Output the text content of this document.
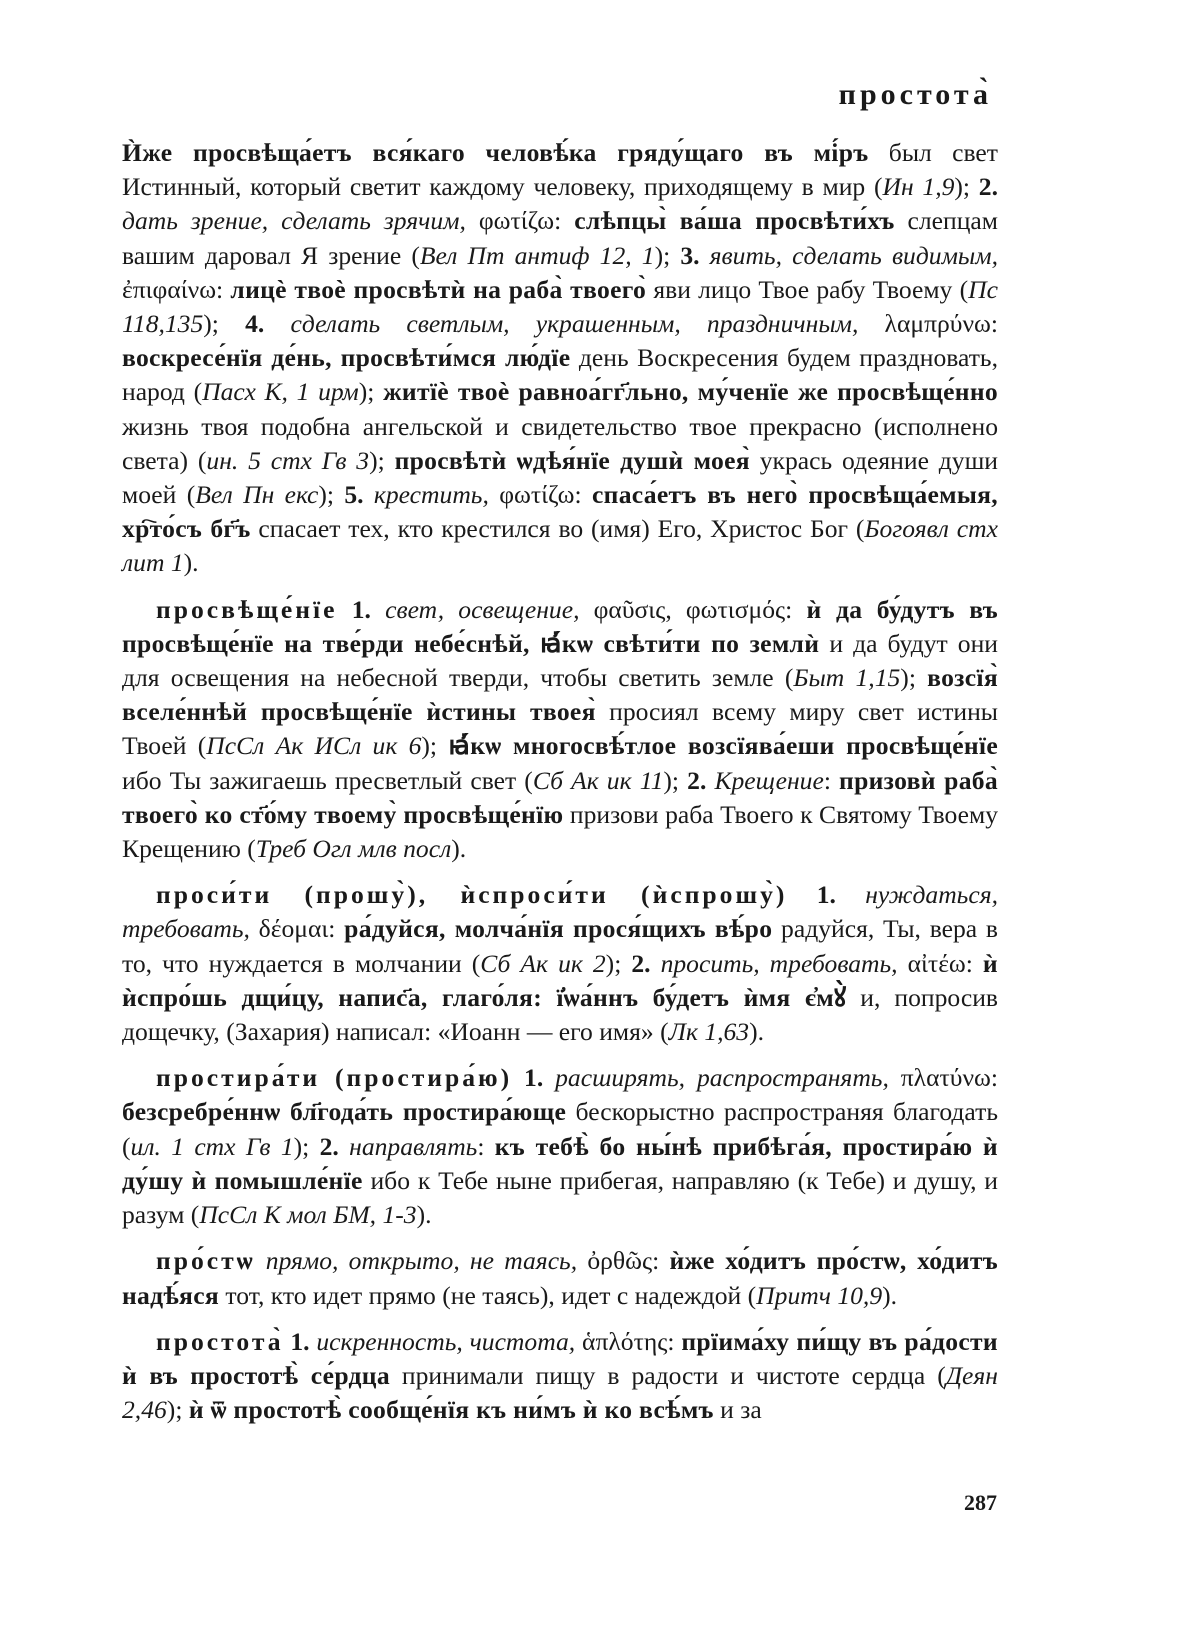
простота̀

Ѝже просвѣща́етъ вся́каго человѣ́ка гряду́щаго въ мі́ръ был свет Истинный, который светит каждому человеку, приходящему в мир (Ин 1,9); 2. дать зрение, сделать зрячим, φωτίζω: слѣпцы̀ ва́ша просвѣти́хъ слепцам вашим даровал Я зрение (Вел Пт антиф 12, 1); 3. явить, сделать видимым, ἐπιφαίνω: лицѐ твоѐ просвѣтѝ на раба̀ твоего̀ яви лицо Твое рабу Твоему (Пс 118,135); 4. сделать светлым, украшенным, праздничным, λαμπρύνω: воскресе́нїя де́нь, просвѣти́мся лю́дїе день Воскресения будем праздновать, народ (Пасх К, 1 ирм); житїѐ твоѐ равноа́гг҃льно, му́ченїе же просвѣще́нно жизнь твоя подобна ангельской и свидетельство твое прекрасно (исполнено света) (ин. 5 стх Гв 3); просвѣтѝ ѡдѣя́нїе душѝ моея̀ укрась одеяние души моей (Вел Пн екс); 5. крестить, φωτίζω: спаса́етъ въ него̀ просвѣща́емыя, хр҇то́съ бг҃ъ спасает тех, кто крестился во (имя) Его, Христос Бог (Богоявл стх лит 1).

просвѣще́нїе 1. свет, освещение, φαῦσις, φωτισμός: ѝ да бу́дутъ въ просвѣще́нїе на тве́рди небе́снѣй, ꙗ҆́кѡ свѣти́ти по землѝ и да будут они для освещения на небесной тверди, чтобы светить земле (Быт 1,15); возсїя̀ вселе́ннѣй просвѣще́нїе ѝстины твоея̀ просиял всему миру свет истины Твоей (ПсСл Ак ИСл ик 6); ꙗ҆́кѡ многосвѣ́тлое возсїява́еши просвѣще́нїе ибо Ты зажигаешь пресветлый свет (Сб Ак ик 11); 2. Крещение: призовѝ раба̀ твоего̀ ко ст҃о́му твоему̀ просвѣще́нїю призови раба Твоего к Святому Твоему Крещению (Треб Огл млв посл).

проси́ти (прошу̀), ѝспроси́ти (ѝспрошу̀) 1. нуждаться, требовать, δέομαι: ра́дуйся, молча́нїя прося́щихъ вѣ́ро радуйся, Ты, вера в то, что нуждается в молчании (Сб Ак ик 2); 2. просить, требовать, αἰτέω: ѝ ѝспро́шь дщи́цу, напис҃а, глаго́ля: ї҆ѡа́ннъ бу́детъ ѝмя є҆мꙋ̀ и, попросив дощечку, (Захария) написал: «Иоанн — его имя» (Лк 1,63).

простира́ти (простира́ю) 1. расширять, распространять, πλατύνω: безсребре́ннѡ бл҃года́ть простира́юще бескорыстно распространяя благодать (ил. 1 стх Гв 1); 2. направлять: къ тебѣ̀ бо ны́нѣ прибѣга́я, простира́ю ѝ ду́шу ѝ помышле́нїе ибо к Тебе ныне прибегая, направляю (к Тебе) и душу, и разум (ПсСл К мол БМ, 1-3).

про́стѡ прямо, открыто, не таясь, ὀρθῶς: ѝже хо́дитъ про́стѡ, хо́дитъ надѣ́яся тот, кто идет прямо (не таясь), идет с надеждой (Притч 10,9).

простота̀ 1. искренность, чистота, ἁπλότης: прїима́ху пи́щу въ ра́дости ѝ въ простотѣ̀ се́рдца принимали пищу в радости и чистоте сердца (Деян 2,46); ѝ ѿ простотѣ̀ сообще́нїя къ ни́мъ ѝ ко всѣ́мъ и за

287
